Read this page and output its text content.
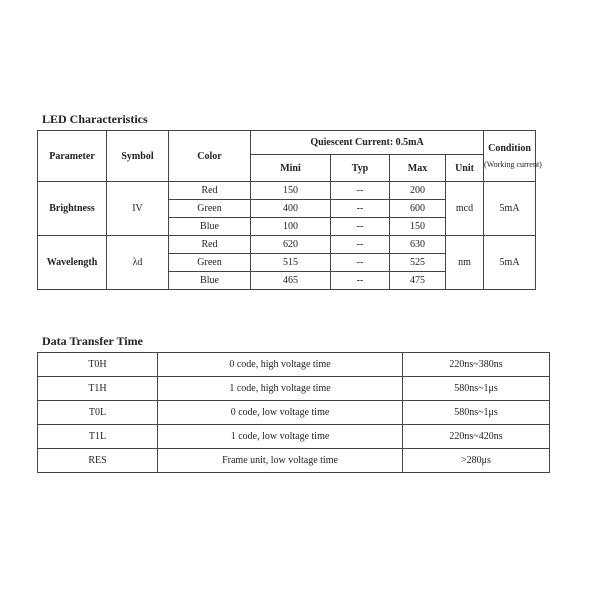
LED Characteristics
Parameter	Symbol	Color	Quiescent Current: 0.5mA				Condition
(Working current)

			Mini	Typ	Max	Unit	
Brightness	IV	Red	150	--	200	mcd	5mA
		Green	400	--	600		
		Blue	100	--	150		
Wavelength	λd	Red	620	--	630	nm	5mA
		Green	515	--	525		
		Blue	465	--	475		
Data Transfer Time
T0H	0 code, high voltage time	220ns~380ns
T1H	1 code, high voltage time	580ns~1μs
T0L	0 code, low voltage time	580ns~1μs
T1L	1 code, low voltage time	220ns~420ns
RES	Frame unit, low voltage time	>280μs
